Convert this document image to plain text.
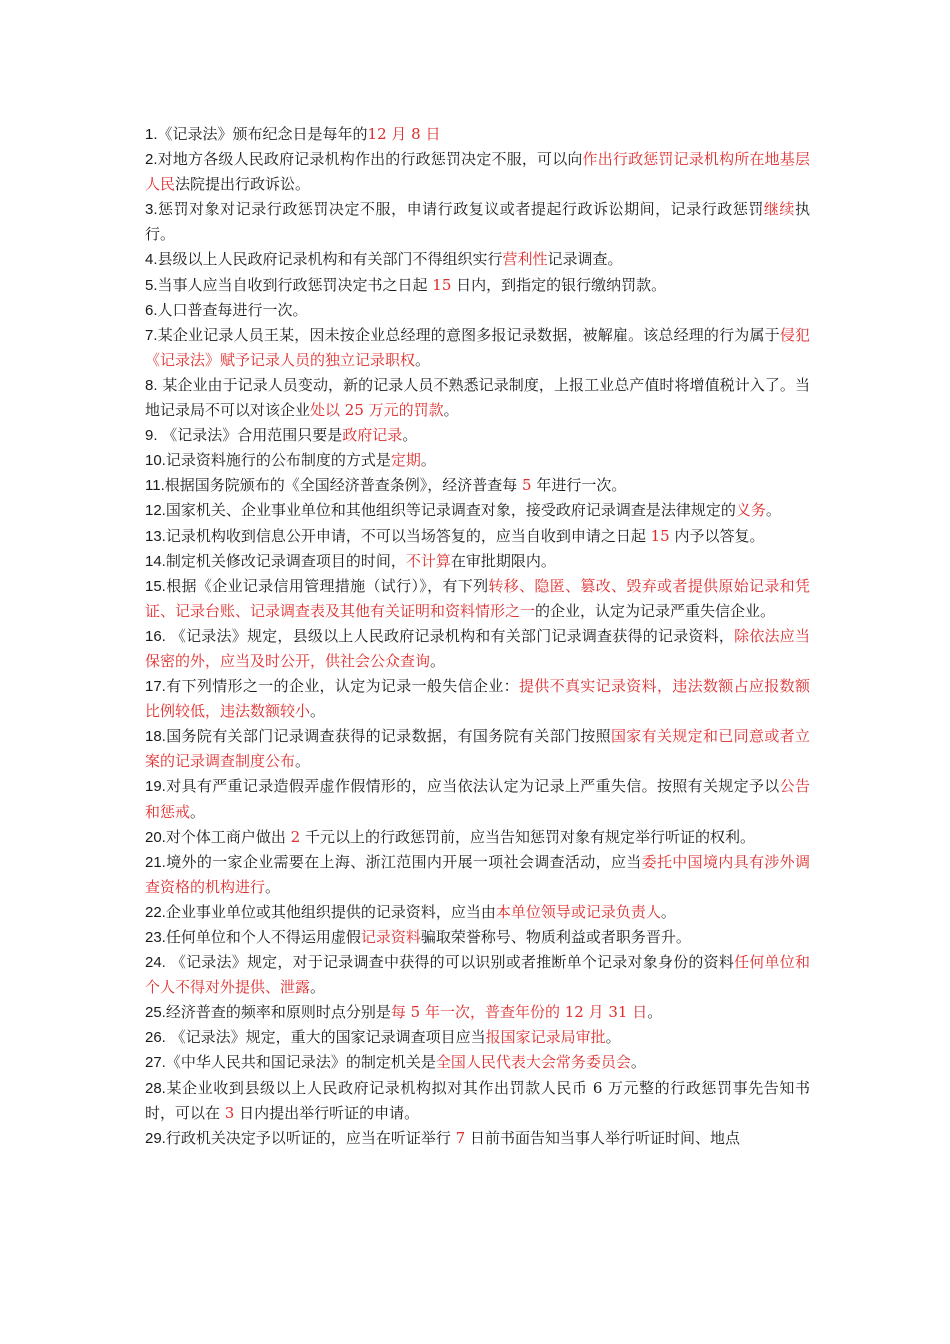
1.《记录法》颁布纪念日是每年的12 月 8 日

2.对地方各级人民政府记录机构作出的行政惩罚决定不服，可以向作出行政惩罚记录机构所在地基层人民法院提出行政诉讼。

3.惩罚对象对记录行政惩罚决定不服，申请行政复议或者提起行政诉讼期间，记录行政惩罚继续执行。

4.县级以上人民政府记录机构和有关部门不得组织实行营利性记录调查。

5.当事人应当自收到行政惩罚决定书之日起 15 日内，到指定的银行缴纳罚款。

6.人口普查每进行一次。

7.某企业记录人员王某，因未按企业总经理的意图多报记录数据，被解雇。该总经理的行为属于侵犯《记录法》赋予记录人员的独立记录职权。

8. 某企业由于记录人员变动，新的记录人员不熟悉记录制度，上报工业总产值时将增值税计入了。当地记录局不可以对该企业处以 25 万元的罚款。

9. 《记录法》合用范围只要是政府记录。

10.记录资料施行的公布制度的方式是定期。

11.根据国务院颁布的《全国经济普查条例》，经济普查每 5 年进行一次。

12.国家机关、企业事业单位和其他组织等记录调查对象，接受政府记录调查是法律规定的义务。

13.记录机构收到信息公开申请，不可以当场答复的，应当自收到申请之日起 15 内予以答复。

14.制定机关修改记录调查项目的时间，不计算在审批期限内。

15.根据《企业记录信用管理措施（试行）》，有下列转移、隐匿、篡改、毁弃或者提供原始记录和凭证、记录台账、记录调查表及其他有关证明和资料情形之一的企业，认定为记录严重失信企业。

16. 《记录法》规定，县级以上人民政府记录机构和有关部门记录调查获得的记录资料，除依法应当保密的外，应当及时公开，供社会公众查询。

17.有下列情形之一的企业，认定为记录一般失信企业：提供不真实记录资料，违法数额占应报数额比例较低，违法数额较小。

18.国务院有关部门记录调查获得的记录数据，有国务院有关部门按照国家有关规定和已同意或者立案的记录调查制度公布。

19.对具有严重记录造假弄虚作假情形的，应当依法认定为记录上严重失信。按照有关规定予以公告和惩戒。

20.对个体工商户做出 2 千元以上的行政惩罚前，应当告知惩罚对象有规定举行听证的权利。

21.境外的一家企业需要在上海、浙江范围内开展一项社会调查活动，应当委托中国境内具有涉外调查资格的机构进行。

22.企业事业单位或其他组织提供的记录资料，应当由本单位领导或记录负责人。

23.任何单位和个人不得运用虚假记录资料骗取荣誉称号、物质利益或者职务晋升。

24. 《记录法》规定，对于记录调查中获得的可以识别或者推断单个记录对象身份的资料任何单位和个人不得对外提供、泄露。

25.经济普查的频率和原则时点分别是每 5 年一次，普查年份的 12 月 31 日。

26. 《记录法》规定，重大的国家记录调查项目应当报国家记录局审批。

27.《中华人民共和国记录法》的制定机关是全国人民代表大会常务委员会。

28.某企业收到县级以上人民政府记录机构拟对其作出罚款人民币 6 万元整的行政惩罚事先告知书时，可以在 3 日内提出举行听证的申请。

29.行政机关决定予以听证的，应当在听证举行 7 日前书面告知当事人举行听证时间、地点
